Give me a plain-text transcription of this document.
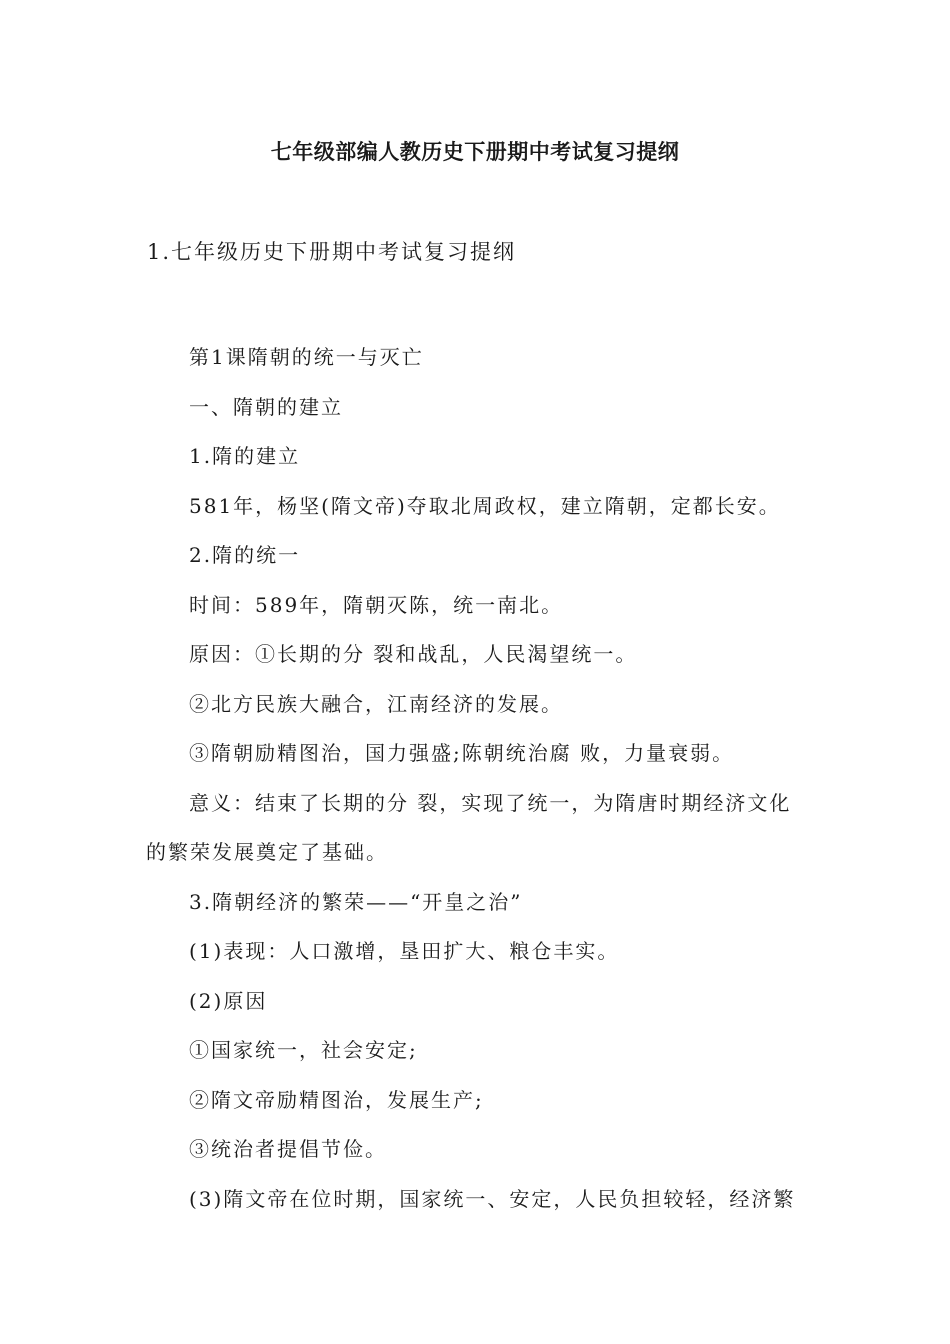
七年级部编人教历史下册期中考试复习提纲
1.七年级历史下册期中考试复习提纲
第1课隋朝的统一与灭亡
一、隋朝的建立
1.隋的建立
581年，杨坚(隋文帝)夺取北周政权，建立隋朝，定都长安。
2.隋的统一
时间：589年，隋朝灭陈，统一南北。
原因：①长期的分 裂和战乱，人民渴望统一。
②北方民族大融合，江南经济的发展。
③隋朝励精图治，国力强盛;陈朝统治腐 败，力量衰弱。
意义：结束了长期的分 裂，实现了统一，为隋唐时期经济文化
的繁荣发展奠定了基础。
3.隋朝经济的繁荣——“开皇之治”
(1)表现：人口激增，垦田扩大、粮仓丰实。
(2)原因
①国家统一，社会安定;
②隋文帝励精图治，发展生产;
③统治者提倡节俭。
(3)隋文帝在位时期，国家统一、安定，人民负担较轻，经济繁
